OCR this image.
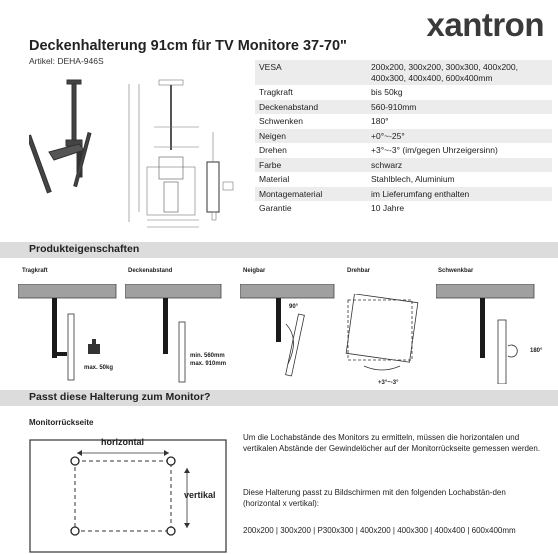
xantron
Deckenhalterung 91cm für TV Monitore 37-70"
Artikel: DEHA-946S
VESA	200x200, 300x200, 300x300, 400x200,
400x300, 400x400, 600x400mm

Tragkraft	bis 50kg
Deckenabstand	560-910mm
Schwenken	180°
Neigen	+0°~-25°
Drehen	+3°~-3° (im/gegen Uhrzeigersinn)
Farbe	schwarz
Material	Stahlblech, Aluminium
Montagematerial	im Lieferumfang enthalten
Garantie	10 Jahre
Produkteigenschaften
Tragkraft
max. 50kg
Deckenabstand
min. 560mm
max. 910mm
Neigbar
90°
Drehbar
+3°~-3°
Schwenkbar
180°
Passt diese Halterung zum Monitor?
Monitorrückseite
horizontal
vertikal
Um die Lochabstände des Monitors zu ermitteln, müssen die horizontalen und vertikalen Abstände der Gewindelöcher auf der Monitorrückseite gemessen werden.
Diese Halterung passt zu Bildschirmen mit den folgenden Lochabstän-den (horizontal x vertikal):
200x200 | 300x200 | P300x300 | 400x200 | 400x300 | 400x400 | 600x400mm
